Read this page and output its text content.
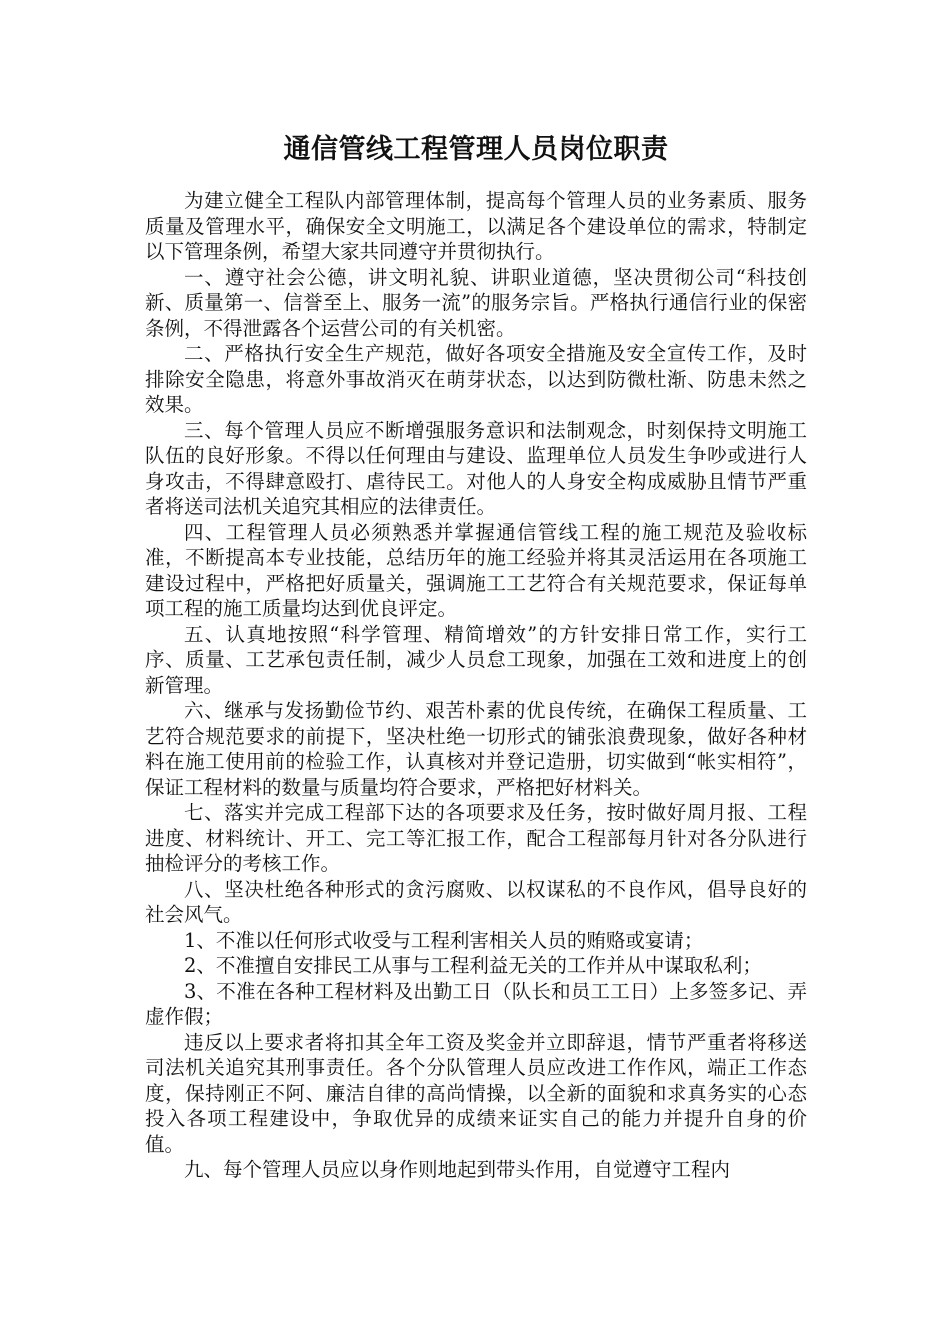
通信管线工程管理人员岗位职责

为建立健全工程队内部管理体制，提高每个管理人员的业务素质、服务质量及管理水平，确保安全文明施工，以满足各个建设单位的需求，特制定以下管理条例，希望大家共同遵守并贯彻执行。

一、遵守社会公德，讲文明礼貌、讲职业道德，坚决贯彻公司“科技创新、质量第一、信誉至上、服务一流”的服务宗旨。严格执行通信行业的保密条例，不得泄露各个运营公司的有关机密。

二、严格执行安全生产规范，做好各项安全措施及安全宣传工作，及时排除安全隐患，将意外事故消灭在萌芽状态，以达到防微杜渐、防患未然之效果。

三、每个管理人员应不断增强服务意识和法制观念，时刻保持文明施工队伍的良好形象。不得以任何理由与建设、监理单位人员发生争吵或进行人身攻击，不得肆意殴打、虐待民工。对他人的人身安全构成威胁且情节严重者将送司法机关追究其相应的法律责任。

四、工程管理人员必须熟悉并掌握通信管线工程的施工规范及验收标准，不断提高本专业技能，总结历年的施工经验并将其灵活运用在各项施工建设过程中，严格把好质量关，强调施工工艺符合有关规范要求，保证每单项工程的施工质量均达到优良评定。

五、认真地按照“科学管理、精简增效”的方针安排日常工作，实行工序、质量、工艺承包责任制，减少人员怠工现象，加强在工效和进度上的创新管理。

六、继承与发扬勤俭节约、艰苦朴素的优良传统，在确保工程质量、工艺符合规范要求的前提下，坚决杜绝一切形式的铺张浪费现象，做好各种材料在施工使用前的检验工作，认真核对并登记造册，切实做到“帐实相符”，保证工程材料的数量与质量均符合要求，严格把好材料关。

七、落实并完成工程部下达的各项要求及任务，按时做好周月报、工程进度、材料统计、开工、完工等汇报工作，配合工程部每月针对各分队进行抽检评分的考核工作。

八、坚决杜绝各种形式的贪污腐败、以权谋私的不良作风，倡导良好的社会风气。

1、不准以任何形式收受与工程利害相关人员的贿赂或宴请；

2、不准擅自安排民工从事与工程利益无关的工作并从中谋取私利；

3、不准在各种工程材料及出勤工日（队长和员工工日）上多签多记、弄虚作假；

违反以上要求者将扣其全年工资及奖金并立即辞退，情节严重者将移送司法机关追究其刑事责任。各个分队管理人员应改进工作作风，端正工作态度，保持刚正不阿、廉洁自律的高尚情操，以全新的面貌和求真务实的心态投入各项工程建设中，争取优异的成绩来证实自己的能力并提升自身的价值。

九、每个管理人员应以身作则地起到带头作用，自觉遵守工程内
